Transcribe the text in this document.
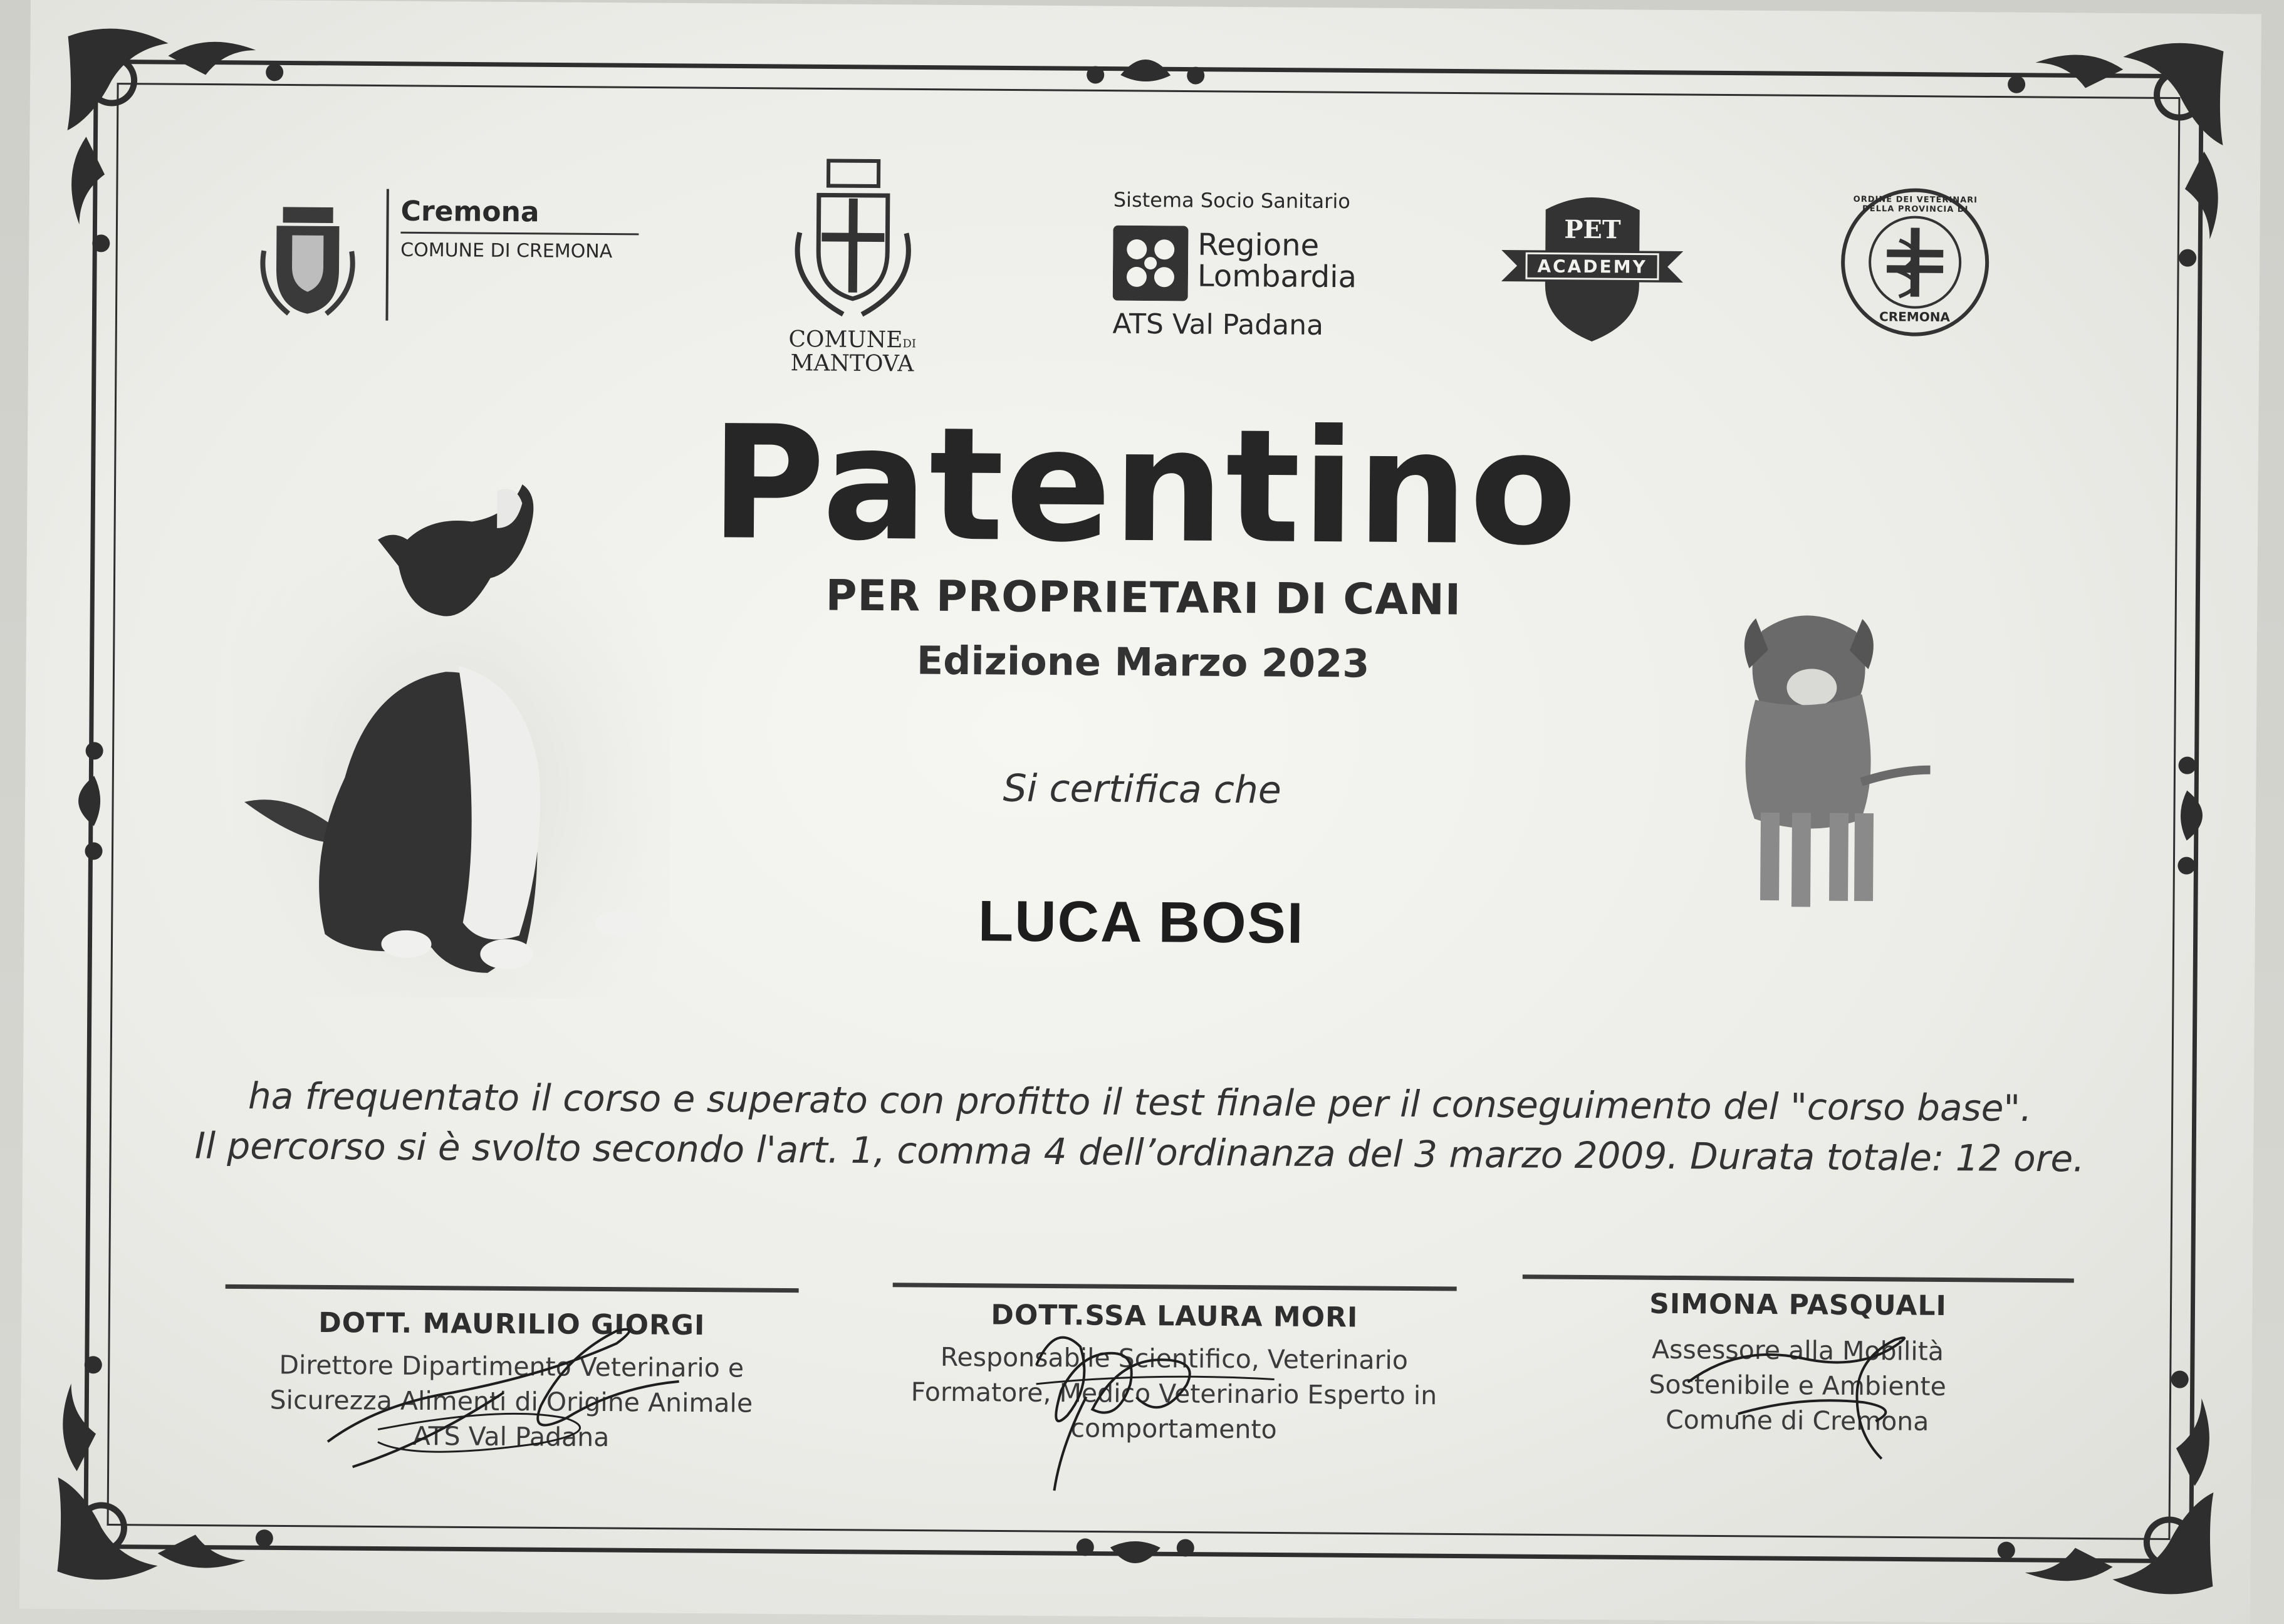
Cremona
COMUNE DI CREMONA
COMUNEDI
MANTOVA
Sistema Socio Sanitario
Regione
Lombardia
ATS Val Padana
PET
ACADEMY
ORDINE DEI VETERINARI DELLA PROVINCIA DI
CREMONA
Patentino
PER PROPRIETARI DI CANI
Edizione Marzo 2023
Si certifica che
LUCA BOSI
ha frequentato il corso e superato con profitto il test finale per il conseguimento del "corso base".
Il percorso si è svolto secondo l'art. 1, comma 4 dell’ordinanza del 3 marzo 2009. Durata totale: 12 ore.
DOTT. MAURILIO GIORGI
Direttore Dipartimento Veterinario e
Sicurezza Alimenti di Origine Animale
ATS Val Padana
DOTT.SSA LAURA MORI
Responsabile Scientifico, Veterinario
Formatore, Medico Veterinario Esperto in
comportamento
SIMONA PASQUALI
Assessore alla Mobilità
Sostenibile e Ambiente
Comune di Cremona
